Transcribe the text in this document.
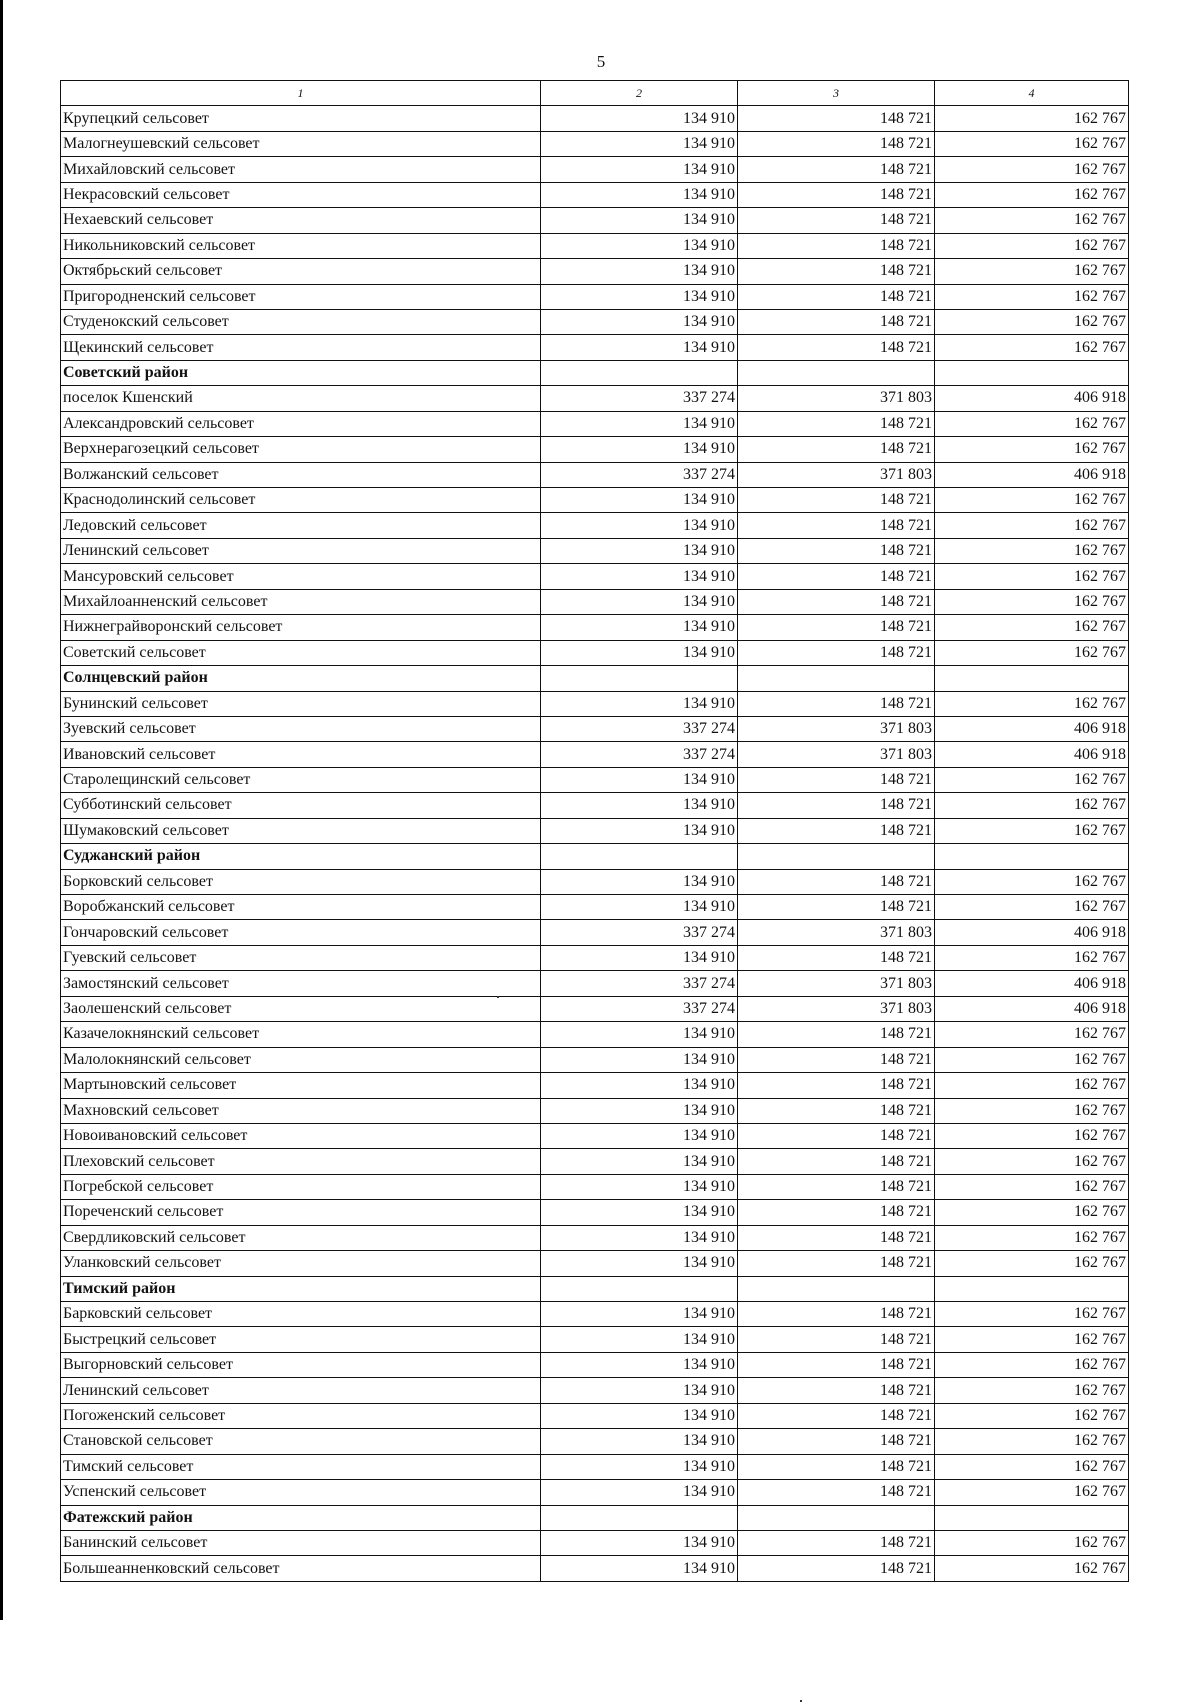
5
1	2	3	4
Крупецкий сельсовет	134 910	148 721	162 767
Малогнеушевский сельсовет	134 910	148 721	162 767
Михайловский сельсовет	134 910	148 721	162 767
Некрасовский сельсовет	134 910	148 721	162 767
Нехаевский сельсовет	134 910	148 721	162 767
Никольниковский сельсовет	134 910	148 721	162 767
Октябрьский сельсовет	134 910	148 721	162 767
Пригородненский сельсовет	134 910	148 721	162 767
Студенокский сельсовет	134 910	148 721	162 767
Щекинский сельсовет	134 910	148 721	162 767
Советский район			
поселок Кшенский	337 274	371 803	406 918
Александровский сельсовет	134 910	148 721	162 767
Верхнерагозецкий сельсовет	134 910	148 721	162 767
Волжанский сельсовет	337 274	371 803	406 918
Краснодолинский сельсовет	134 910	148 721	162 767
Ледовский сельсовет	134 910	148 721	162 767
Ленинский сельсовет	134 910	148 721	162 767
Мансуровский сельсовет	134 910	148 721	162 767
Михайлоанненский сельсовет	134 910	148 721	162 767
Нижнеграйворонский сельсовет	134 910	148 721	162 767
Советский сельсовет	134 910	148 721	162 767
Солнцевский район			
Бунинский сельсовет	134 910	148 721	162 767
Зуевский сельсовет	337 274	371 803	406 918
Ивановский сельсовет	337 274	371 803	406 918
Старолещинский сельсовет	134 910	148 721	162 767
Субботинский сельсовет	134 910	148 721	162 767
Шумаковский сельсовет	134 910	148 721	162 767
Суджанский район			
Борковский сельсовет	134 910	148 721	162 767
Воробжанский сельсовет	134 910	148 721	162 767
Гончаровский сельсовет	337 274	371 803	406 918
Гуевский сельсовет	134 910	148 721	162 767
Замостянский сельсовет	337 274	371 803	406 918
Заолешенский сельсовет	337 274	371 803	406 918
Казачелокнянский сельсовет	134 910	148 721	162 767
Малолокнянский сельсовет	134 910	148 721	162 767
Мартыновский сельсовет	134 910	148 721	162 767
Махновский сельсовет	134 910	148 721	162 767
Новоивановский сельсовет	134 910	148 721	162 767
Плеховский сельсовет	134 910	148 721	162 767
Погребской сельсовет	134 910	148 721	162 767
Пореченский сельсовет	134 910	148 721	162 767
Свердликовский сельсовет	134 910	148 721	162 767
Уланковский сельсовет	134 910	148 721	162 767
Тимский район			
Барковский сельсовет	134 910	148 721	162 767
Быстрецкий сельсовет	134 910	148 721	162 767
Выгорновский сельсовет	134 910	148 721	162 767
Ленинский сельсовет	134 910	148 721	162 767
Погоженский сельсовет	134 910	148 721	162 767
Становской сельсовет	134 910	148 721	162 767
Тимский сельсовет	134 910	148 721	162 767
Успенский сельсовет	134 910	148 721	162 767
Фатежский район			
Банинский сельсовет	134 910	148 721	162 767
Большеанненковский сельсовет	134 910	148 721	162 767
